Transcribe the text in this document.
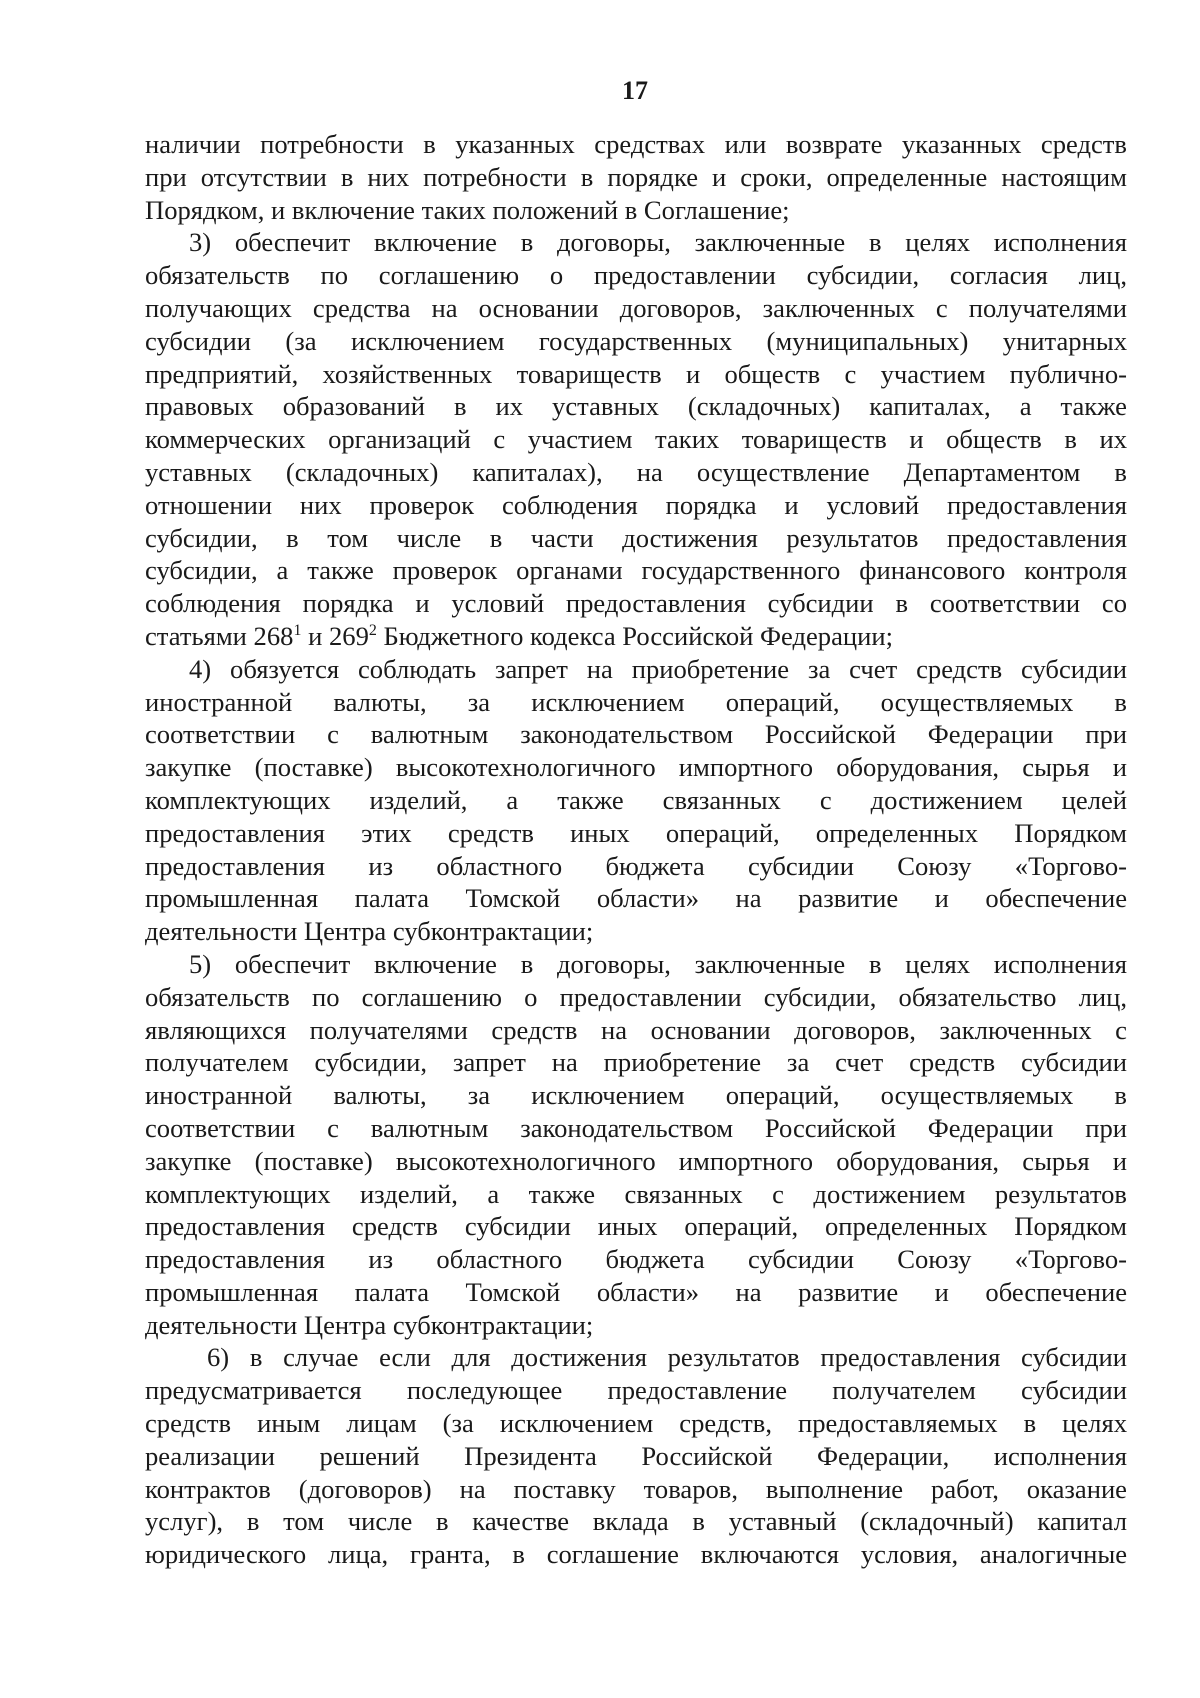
17

наличии потребности в указанных средствах или возврате указанных средств

при отсутствии в них потребности в порядке и сроки, определенные настоящим

Порядком, и включение таких положений в Соглашение;

3) обеспечит включение в договоры, заключенные в целях исполнения

обязательств по соглашению о предоставлении субсидии, согласия лиц,

получающих средства на основании договоров, заключенных с получателями

субсидии (за исключением государственных (муниципальных) унитарных

предприятий, хозяйственных товариществ и обществ с участием публично-

правовых образований в их уставных (складочных) капиталах, а также

коммерческих организаций с участием таких товариществ и обществ в их

уставных (складочных) капиталах), на осуществление Департаментом в

отношении них проверок соблюдения порядка и условий предоставления

субсидии, в том числе в части достижения результатов предоставления

субсидии, а также проверок органами государственного финансового контроля

соблюдения порядка и условий предоставления субсидии в соответствии со

статьями $268^1$ и $269^2$ Бюджетного кодекса Российской Федерации;

4) обязуется соблюдать запрет на приобретение за счет средств субсидии

иностранной валюты, за исключением операций, осуществляемых в

соответствии с валютным законодательством Российской Федерации при

закупке (поставке) высокотехнологичного импортного оборудования, сырья и

комплектующих изделий, а также связанных с достижением целей

предоставления этих средств иных операций, определенных Порядком

предоставления из областного бюджета субсидии Союзу «Торгово-

промышленная палата Томской области» на развитие и обеспечение

деятельности Центра субконтрактации;

5) обеспечит включение в договоры, заключенные в целях исполнения

обязательств по соглашению о предоставлении субсидии, обязательство лиц,

являющихся получателями средств на основании договоров, заключенных с

получателем субсидии, запрет на приобретение за счет средств субсидии

иностранной валюты, за исключением операций, осуществляемых в

соответствии с валютным законодательством Российской Федерации при

закупке (поставке) высокотехнологичного импортного оборудования, сырья и

комплектующих изделий, а также связанных с достижением результатов

предоставления средств субсидии иных операций, определенных Порядком

предоставления из областного бюджета субсидии Союзу «Торгово-

промышленная палата Томской области» на развитие и обеспечение

деятельности Центра субконтрактации;

6) в случае если для достижения результатов предоставления субсидии

предусматривается последующее предоставление получателем субсидии

средств иным лицам (за исключением средств, предоставляемых в целях

реализации решений Президента Российской Федерации, исполнения

контрактов (договоров) на поставку товаров, выполнение работ, оказание

услуг), в том числе в качестве вклада в уставный (складочный) капитал

юридического лица, гранта, в соглашение включаются условия, аналогичные
